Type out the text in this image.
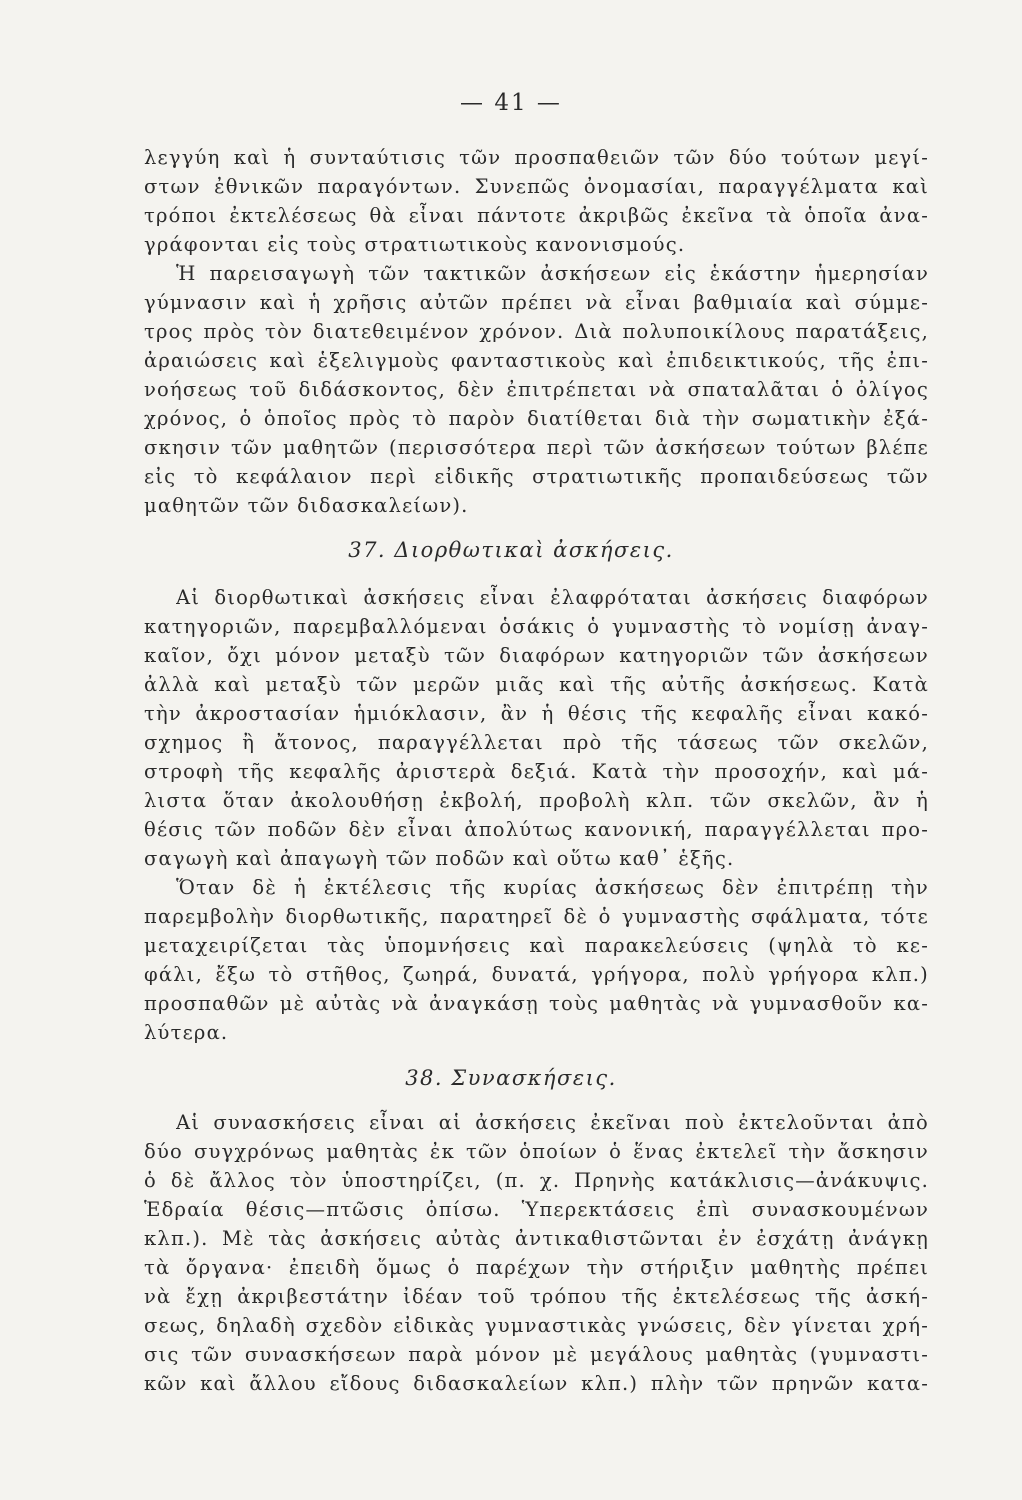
— 41 —
λεγγύη καὶ ἡ συνταύτισις τῶν προσπαθειῶν τῶν δύο τούτων μεγί-
στων ἐθνικῶν παραγόντων. Συνεπῶς ὀνομασίαι, παραγγέλματα καὶ
τρόποι ἐκτελέσεως θὰ εἶναι πάντοτε ἀκριβῶς ἐκεῖνα τὰ ὁποῖα ἀνα-
γράφονται εἰς τοὺς στρατιωτικοὺς κανονισμούς.
Ἡ παρεισαγωγὴ τῶν τακτικῶν ἀσκήσεων εἰς ἑκάστην ἡμερησίαν
γύμνασιν καὶ ἡ χρῆσις αὐτῶν πρέπει νὰ εἶναι βαθμιαία καὶ σύμμε-
τρος πρὸς τὸν διατεθειμένον χρόνον. Διὰ πολυποικίλους παρατάξεις,
ἀραιώσεις καὶ ἑξελιγμοὺς φανταστικοὺς καὶ ἐπιδεικτικούς, τῆς ἐπι-
νοήσεως τοῦ διδάσκοντος, δὲν ἐπιτρέπεται νὰ σπαταλᾶται ὁ ὀλίγος
χρόνος, ὁ ὁποῖος πρὸς τὸ παρὸν διατίθεται διὰ τὴν σωματικὴν ἐξά-
σκησιν τῶν μαθητῶν (περισσότερα περὶ τῶν ἀσκήσεων τούτων βλέπε
εἰς τὸ κεφάλαιον περὶ εἰδικῆς στρατιωτικῆς προπαιδεύσεως τῶν
μαθητῶν τῶν διδασκαλείων).
37. Διορθωτικαὶ ἀσκήσεις.
Αἱ διορθωτικαὶ ἀσκήσεις εἶναι ἐλαφρόταται ἀσκήσεις διαφόρων
κατηγοριῶν, παρεμβαλλόμεναι ὁσάκις ὁ γυμναστὴς τὸ νομίσῃ ἀναγ-
καῖον, ὄχι μόνον μεταξὺ τῶν διαφόρων κατηγοριῶν τῶν ἀσκήσεων
ἀλλὰ καὶ μεταξὺ τῶν μερῶν μιᾶς καὶ τῆς αὐτῆς ἀσκήσεως. Κατὰ
τὴν ἀκροστασίαν ἡμιόκλασιν, ἂν ἡ θέσις τῆς κεφαλῆς εἶναι κακό-
σχημος ἢ ἄτονος, παραγγέλλεται πρὸ τῆς τάσεως τῶν σκελῶν,
στροφὴ τῆς κεφαλῆς ἀριστερὰ δεξιά. Κατὰ τὴν προσοχήν, καὶ μά-
λιστα ὅταν ἀκολουθήσῃ ἐκβολή, προβολὴ κλπ. τῶν σκελῶν, ἂν ἡ
θέσις τῶν ποδῶν δὲν εἶναι ἀπολύτως κανονική, παραγγέλλεται προ-
σαγωγὴ καὶ ἀπαγωγὴ τῶν ποδῶν καὶ οὕτω καθ᾽ ἑξῆς.
Ὅταν δὲ ἡ ἐκτέλεσις τῆς κυρίας ἀσκήσεως δὲν ἐπιτρέπῃ τὴν
παρεμβολὴν διορθωτικῆς, παρατηρεῖ δὲ ὁ γυμναστὴς σφάλματα, τότε
μεταχειρίζεται τὰς ὑπομνήσεις καὶ παρακελεύσεις (ψηλὰ τὸ κε-
φάλι, ἔξω τὸ στῆθος, ζωηρά, δυνατά, γρήγορα, πολὺ γρήγορα κλπ.)
προσπαθῶν μὲ αὐτὰς νὰ ἀναγκάσῃ τοὺς μαθητὰς νὰ γυμνασθοῦν κα-
λύτερα.
38. Συνασκήσεις.
Αἱ συνασκήσεις εἶναι αἱ ἀσκήσεις ἐκεῖναι ποὺ ἐκτελοῦνται ἀπὸ
δύο συγχρόνως μαθητὰς ἐκ τῶν ὁποίων ὁ ἕνας ἐκτελεῖ τὴν ἄσκησιν
ὁ δὲ ἄλλος τὸν ὑποστηρίζει, (π. χ. Πρηνὴς κατάκλισις—ἀνάκυψις.
Ἑδραία θέσις—πτῶσις ὀπίσω. Ὑπερεκτάσεις ἐπὶ συνασκουμένων
κλπ.). Μὲ τὰς ἀσκήσεις αὐτὰς ἀντικαθιστῶνται ἐν ἐσχάτῃ ἀνάγκῃ
τὰ ὄργανα· ἐπειδὴ ὅμως ὁ παρέχων τὴν στήριξιν μαθητὴς πρέπει
νὰ ἔχῃ ἀκριβεστάτην ἰδέαν τοῦ τρόπου τῆς ἐκτελέσεως τῆς ἀσκή-
σεως, δηλαδὴ σχεδὸν εἰδικὰς γυμναστικὰς γνώσεις, δὲν γίνεται χρή-
σις τῶν συνασκήσεων παρὰ μόνον μὲ μεγάλους μαθητὰς (γυμναστι-
κῶν καὶ ἄλλου εἴδους διδασκαλείων κλπ.) πλὴν τῶν πρηνῶν κατα-
